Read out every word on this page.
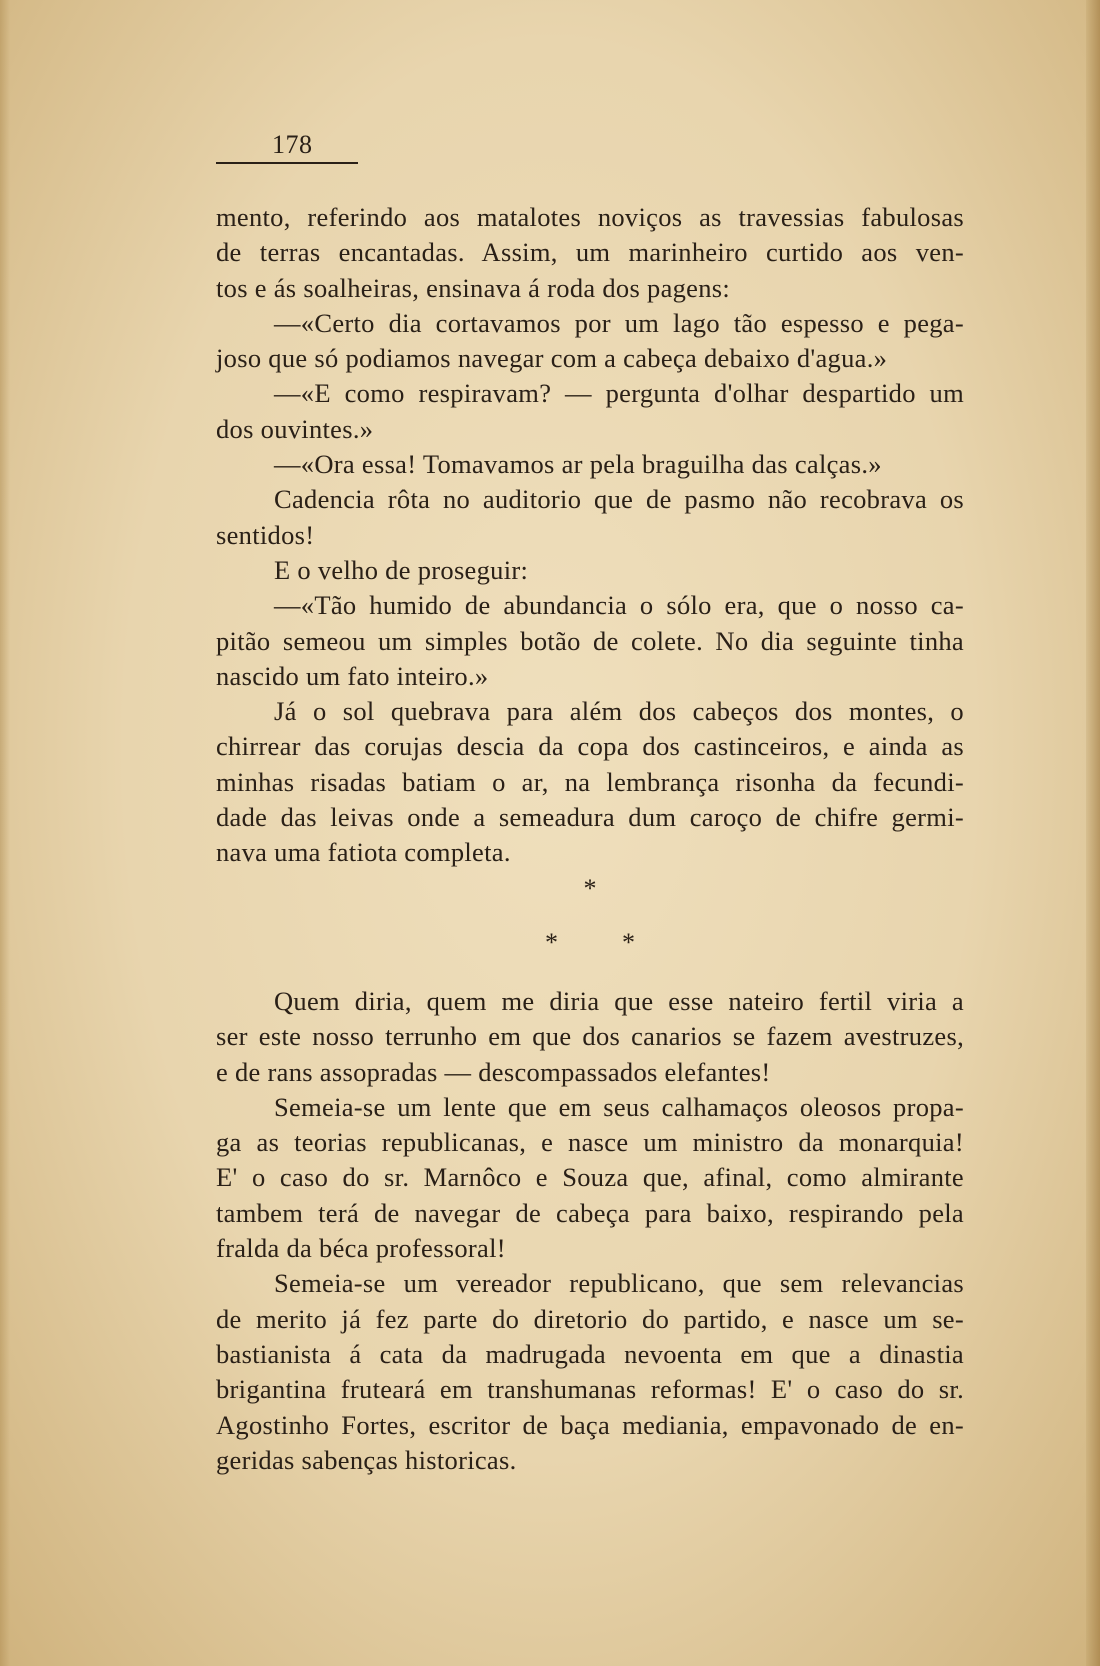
178
mento, referindo aos matalotes noviços as travessias fabulosas
de terras encantadas. Assim, um marinheiro curtido aos ven-
tos e ás soalheiras, ensinava á roda dos pagens:
—«Certo dia cortavamos por um lago tão espesso e pega-
joso que só podiamos navegar com a cabeça debaixo d'agua.»
—«E como respiravam? — pergunta d'olhar despartido um
dos ouvintes.»
—«Ora essa! Tomavamos ar pela braguilha das calças.»
Cadencia rôta no auditorio que de pasmo não recobrava os
sentidos!
E o velho de proseguir:
—«Tão humido de abundancia o sólo era, que o nosso ca-
pitão semeou um simples botão de colete. No dia seguinte tinha
nascido um fato inteiro.»
Já o sol quebrava para além dos cabeços dos montes, o
chirrear das corujas descia da copa dos castinceiros, e ainda as
minhas risadas batiam o ar, na lembrança risonha da fecundi-
dade das leivas onde a semeadura dum caroço de chifre germi-
nava uma fatiota completa.
*
* *
Quem diria, quem me diria que esse nateiro fertil viria a
ser este nosso terrunho em que dos canarios se fazem avestruzes,
e de rans assopradas — descompassados elefantes!
Semeia-se um lente que em seus calhamaços oleosos propa-
ga as teorias republicanas, e nasce um ministro da monarquia!
E' o caso do sr. Marnôco e Souza que, afinal, como almirante
tambem terá de navegar de cabeça para baixo, respirando pela
fralda da béca professoral!
Semeia-se um vereador republicano, que sem relevancias
de merito já fez parte do diretorio do partido, e nasce um se-
bastianista á cata da madrugada nevoenta em que a dinastia
brigantina fruteará em transhumanas reformas! E' o caso do sr.
Agostinho Fortes, escritor de baça mediania, empavonado de en-
geridas sabenças historicas.
